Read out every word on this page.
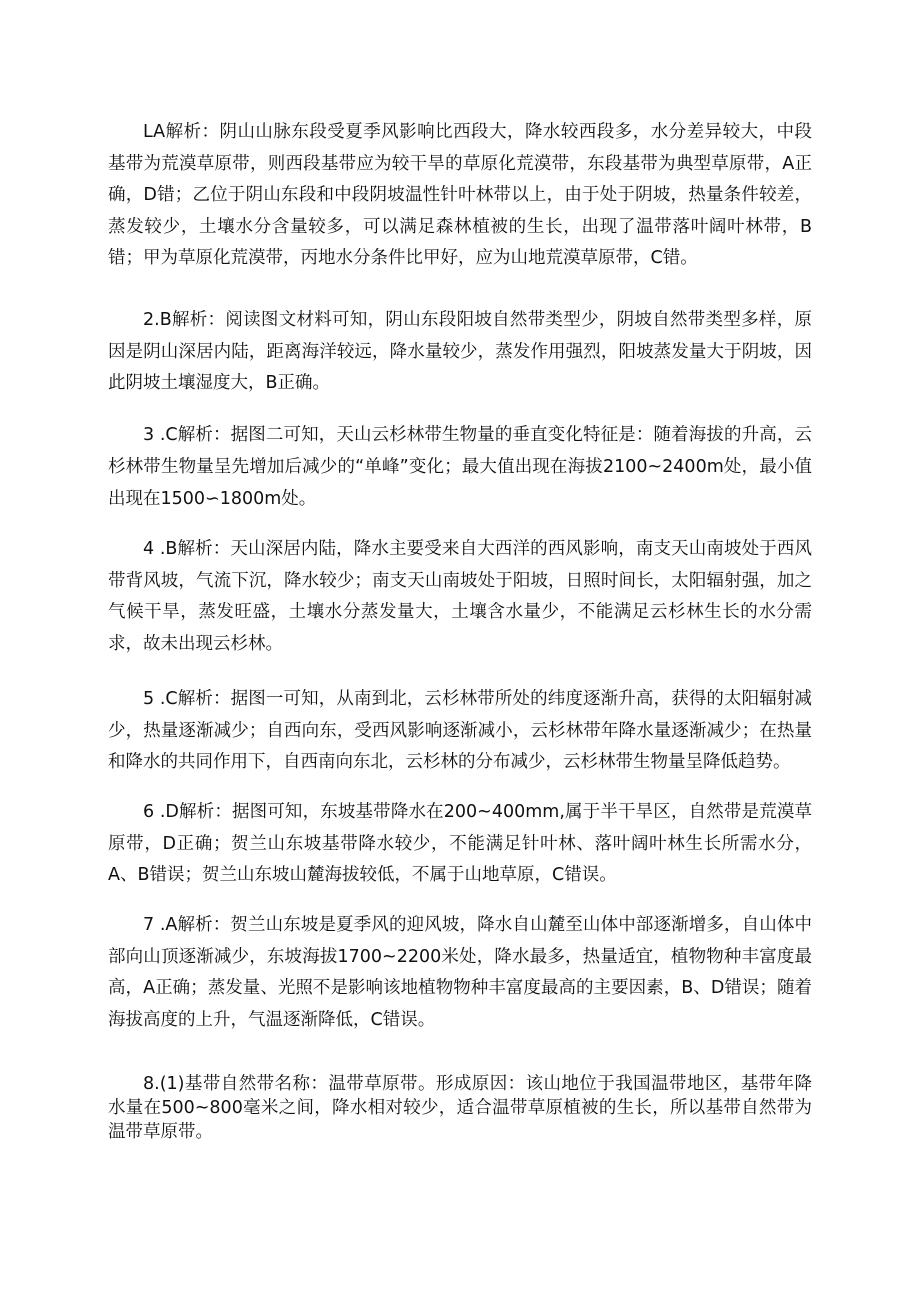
LA解析：阴山山脉东段受夏季风影响比西段大，降水较西段多，水分差异较大，中段基带为荒漠草原带，则西段基带应为较干旱的草原化荒漠带，东段基带为典型草原带，A正确，D错；乙位于阴山东段和中段阴坡温性针叶林带以上，由于处于阴坡，热量条件较差，蒸发较少，土壤水分含量较多，可以满足森林植被的生长，出现了温带落叶阔叶林带，B错；甲为草原化荒漠带，丙地水分条件比甲好，应为山地荒漠草原带，C错。

2.B解析：阅读图文材料可知，阴山东段阳坡自然带类型少，阴坡自然带类型多样，原因是阴山深居内陆，距离海洋较远，降水量较少，蒸发作用强烈，阳坡蒸发量大于阴坡，因此阴坡土壤湿度大，B正确。

3 .C解析：据图二可知，天山云杉林带生物量的垂直变化特征是：随着海拔的升高，云杉林带生物量呈先增加后减少的“单峰”变化；最大值出现在海拔2100~2400m处，最小值出现在1500∽1800m处。

4 .B解析：天山深居内陆，降水主要受来自大西洋的西风影响，南支天山南坡处于西风带背风坡，气流下沉，降水较少；南支天山南坡处于阳坡，日照时间长，太阳辐射强，加之气候干旱，蒸发旺盛，土壤水分蒸发量大，土壤含水量少，不能满足云杉林生长的水分需求，故未出现云杉林。

5 .C解析：据图一可知，从南到北，云杉林带所处的纬度逐渐升高，获得的太阳辐射减少，热量逐渐减少；自西向东，受西风影响逐渐减小，云杉林带年降水量逐渐减少；在热量和降水的共同作用下，自西南向东北，云杉林的分布减少，云杉林带生物量呈降低趋势。

6 .D解析：据图可知，东坡基带降水在200~400mm,属于半干旱区，自然带是荒漠草原带，D正确；贺兰山东坡基带降水较少，不能满足针叶林、落叶阔叶林生长所需水分，A、B错误；贺兰山东坡山麓海拔较低，不属于山地草原，C错误。

7 .A解析：贺兰山东坡是夏季风的迎风坡，降水自山麓至山体中部逐渐增多，自山体中部向山顶逐渐减少，东坡海拔1700~2200米处，降水最多，热量适宜，植物物种丰富度最高，A正确；蒸发量、光照不是影响该地植物物种丰富度最高的主要因素，B、D错误；随着海拔高度的上升，气温逐渐降低，C错误。

8.(1)基带自然带名称：温带草原带。形成原因：该山地位于我国温带地区，基带年降水量在500~800毫米之间，降水相对较少，适合温带草原植被的生长，所以基带自然带为温带草原带。
